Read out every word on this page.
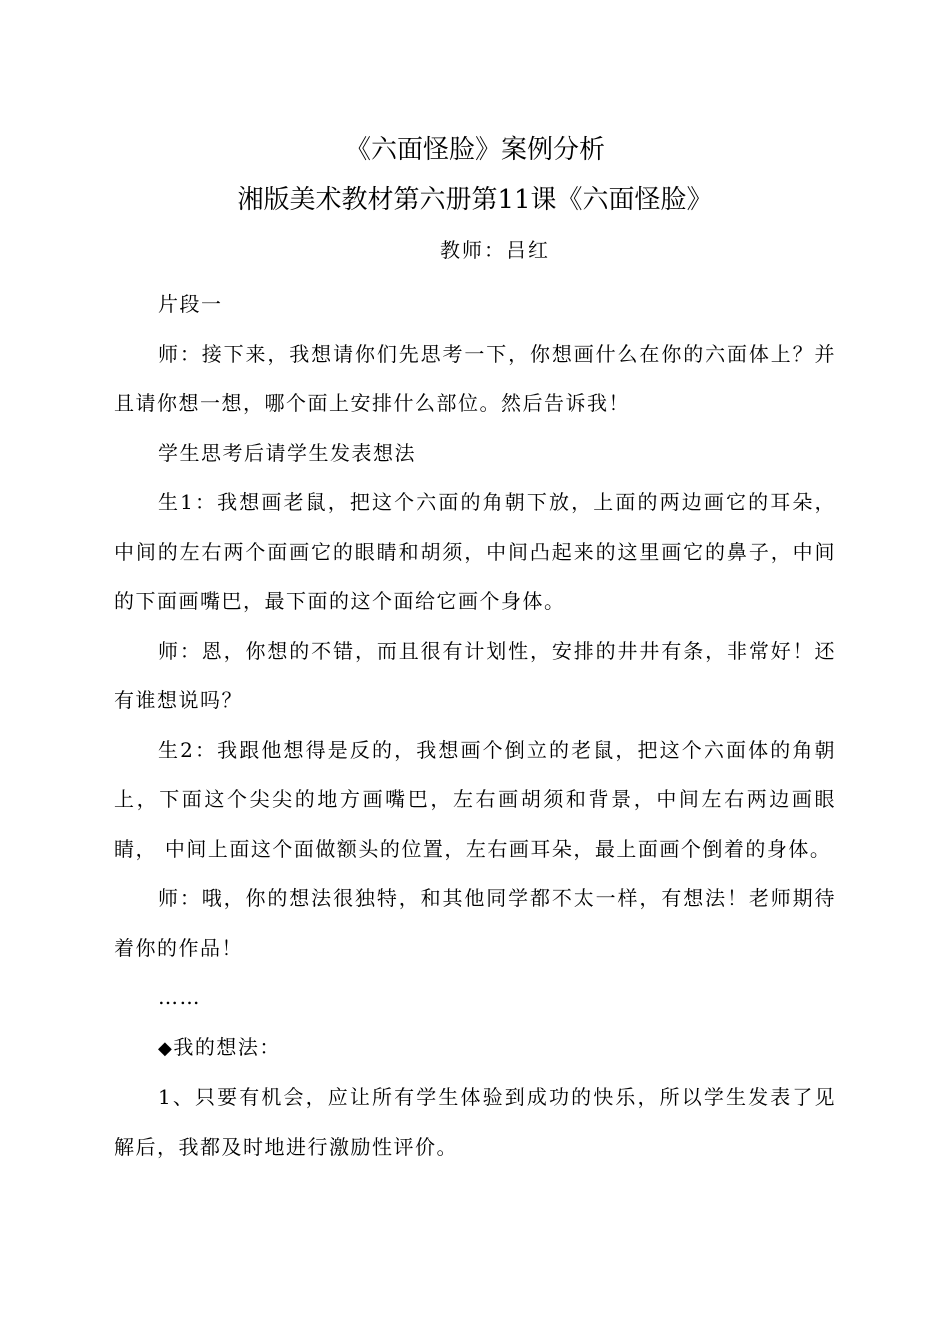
《六面怪脸》案例分析
湘版美术教材第六册第11课《六面怪脸》
教师：吕红

片段一

师：接下来，我想请你们先思考一下，你想画什么在你的六面体上？并且请你想一想，哪个面上安排什么部位。然后告诉我！

学生思考后请学生发表想法

生1：我想画老鼠，把这个六面的角朝下放，上面的两边画它的耳朵，中间的左右两个面画它的眼睛和胡须，中间凸起来的这里画它的鼻子，中间的下面画嘴巴，最下面的这个面给它画个身体。

师：恩，你想的不错，而且很有计划性，安排的井井有条，非常好！还有谁想说吗？

生2：我跟他想得是反的，我想画个倒立的老鼠，把这个六面体的角朝上，下面这个尖尖的地方画嘴巴，左右画胡须和背景，中间左右两边画眼睛， 中间上面这个面做额头的位置，左右画耳朵，最上面画个倒着的身体。

师：哦，你的想法很独特，和其他同学都不太一样，有想法！老师期待着你的作品！

……

◆我的想法：

1、只要有机会，应让所有学生体验到成功的快乐，所以学生发表了见解后，我都及时地进行激励性评价。
